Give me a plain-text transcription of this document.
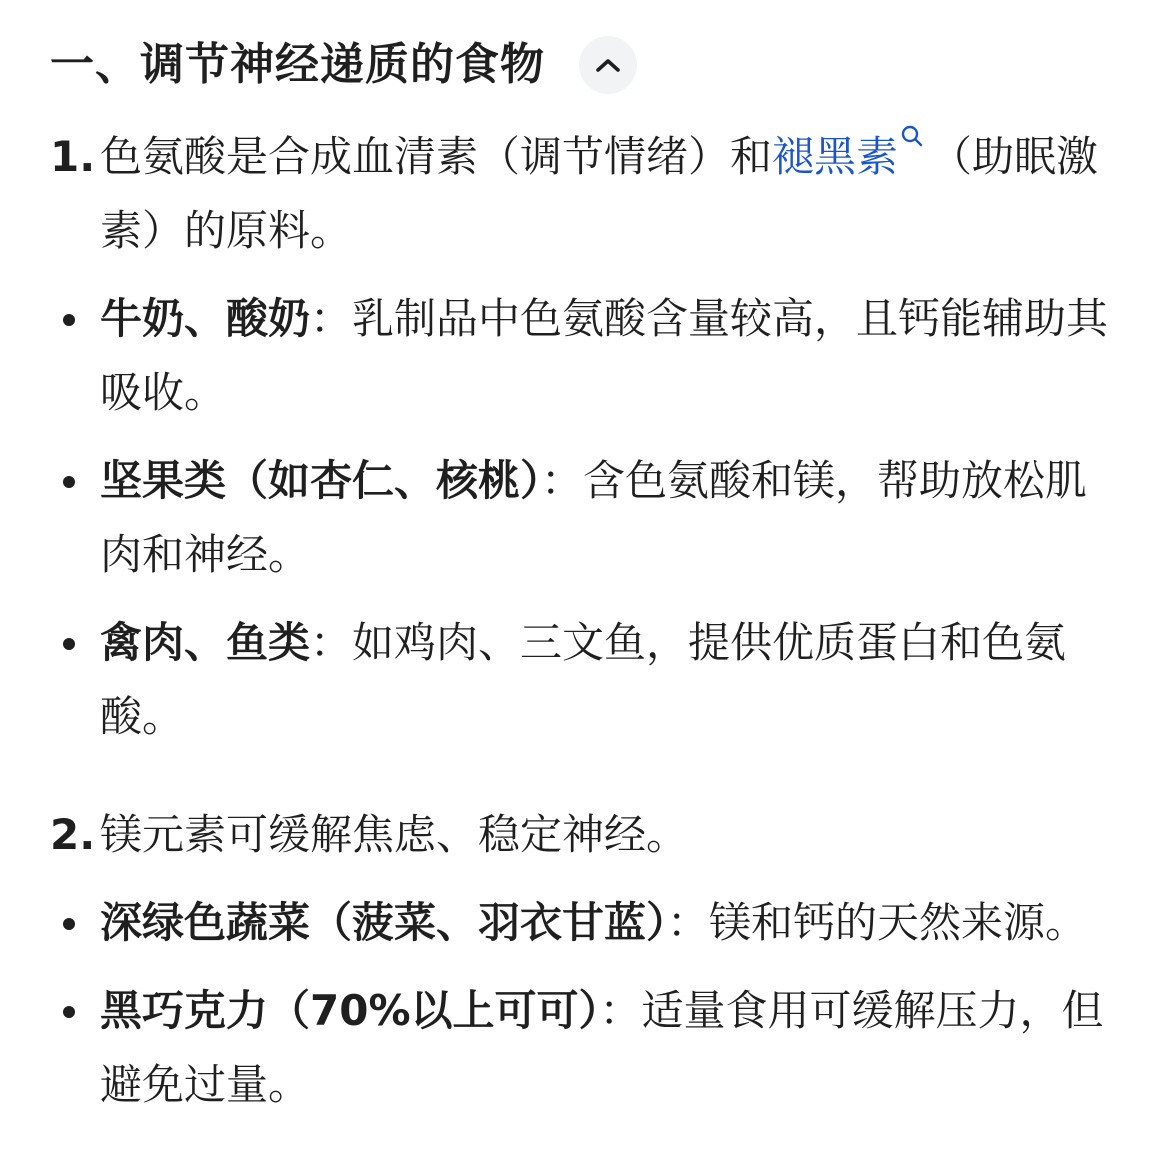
一、调节神经递质的食物
1. 色氨酸是合成血清素（调节情绪）和褪黑素 （助眠激素）的原料。
牛奶、酸奶：乳制品中色氨酸含量较高，且钙能辅助其吸收。
坚果类（如杏仁、核桃）：含色氨酸和镁，帮助放松肌肉和神经。
禽肉、鱼类：如鸡肉、三文鱼，提供优质蛋白和色氨酸。
2. 镁元素可缓解焦虑、稳定神经。
深绿色蔬菜（菠菜、羽衣甘蓝）：镁和钙的天然来源。
黑巧克力（70%以上可可）：适量食用可缓解压力，但避免过量。
